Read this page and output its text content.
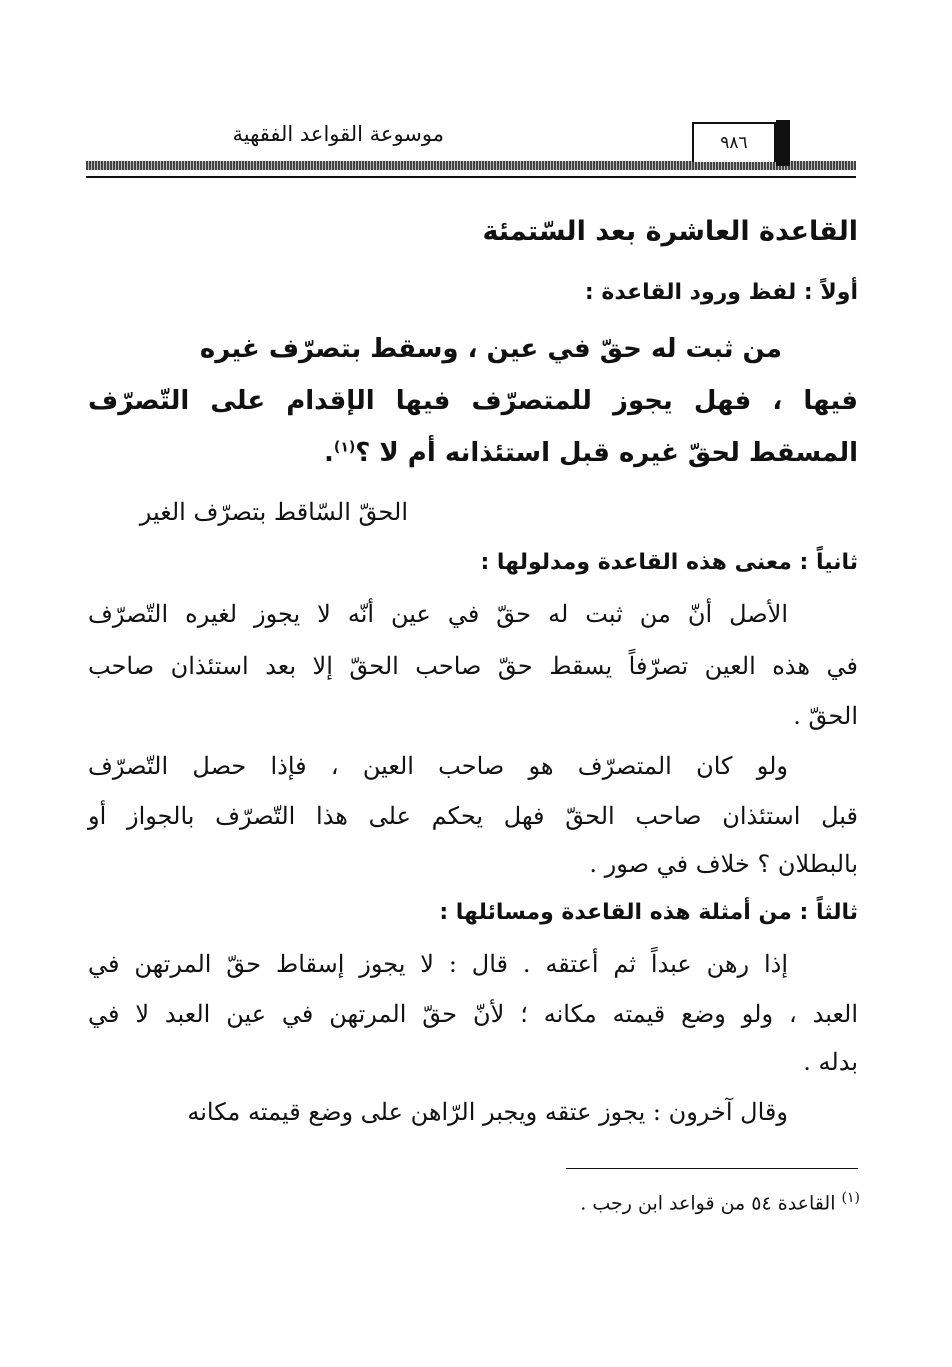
٩٨٦
موسوعة القواعد الفقهية
القاعدة العاشرة بعد السّتمئة
أولاً : لفظ ورود القاعدة :
من ثبت له حقّ في عين ، وسقط بتصرّف غيره
فيها ، فهل يجوز للمتصرّف فيها الإقدام على التّصرّف
المسقط لحقّ غيره قبل استئذانه أم لا ؟$^{(١)}$.
الحقّ السّاقط بتصرّف الغير
ثانياً : معنى هذه القاعدة ومدلولها :
الأصل أنّ من ثبت له حقّ في عين أنّه لا يجوز لغيره التّصرّف
في هذه العين تصرّفاً يسقط حقّ صاحب الحقّ إلا بعد استئذان صاحب
الحقّ .
ولو كان المتصرّف هو صاحب العين ، فإذا حصل التّصرّف
قبل استئذان صاحب الحقّ فهل يحكم على هذا التّصرّف بالجواز أو
بالبطلان ؟ خلاف في صور .
ثالثاً : من أمثلة هذه القاعدة ومسائلها :
إذا رهن عبداً ثم أعتقه . قال : لا يجوز إسقاط حقّ المرتهن في
العبد ، ولو وضع قيمته مكانه ؛ لأنّ حقّ المرتهن في عين العبد لا في
بدله .
وقال آخرون : يجوز عتقه ويجبر الرّاهن على وضع قيمته مكانه
$^{(١)}$ القاعدة ٥٤ من قواعد ابن رجب .
